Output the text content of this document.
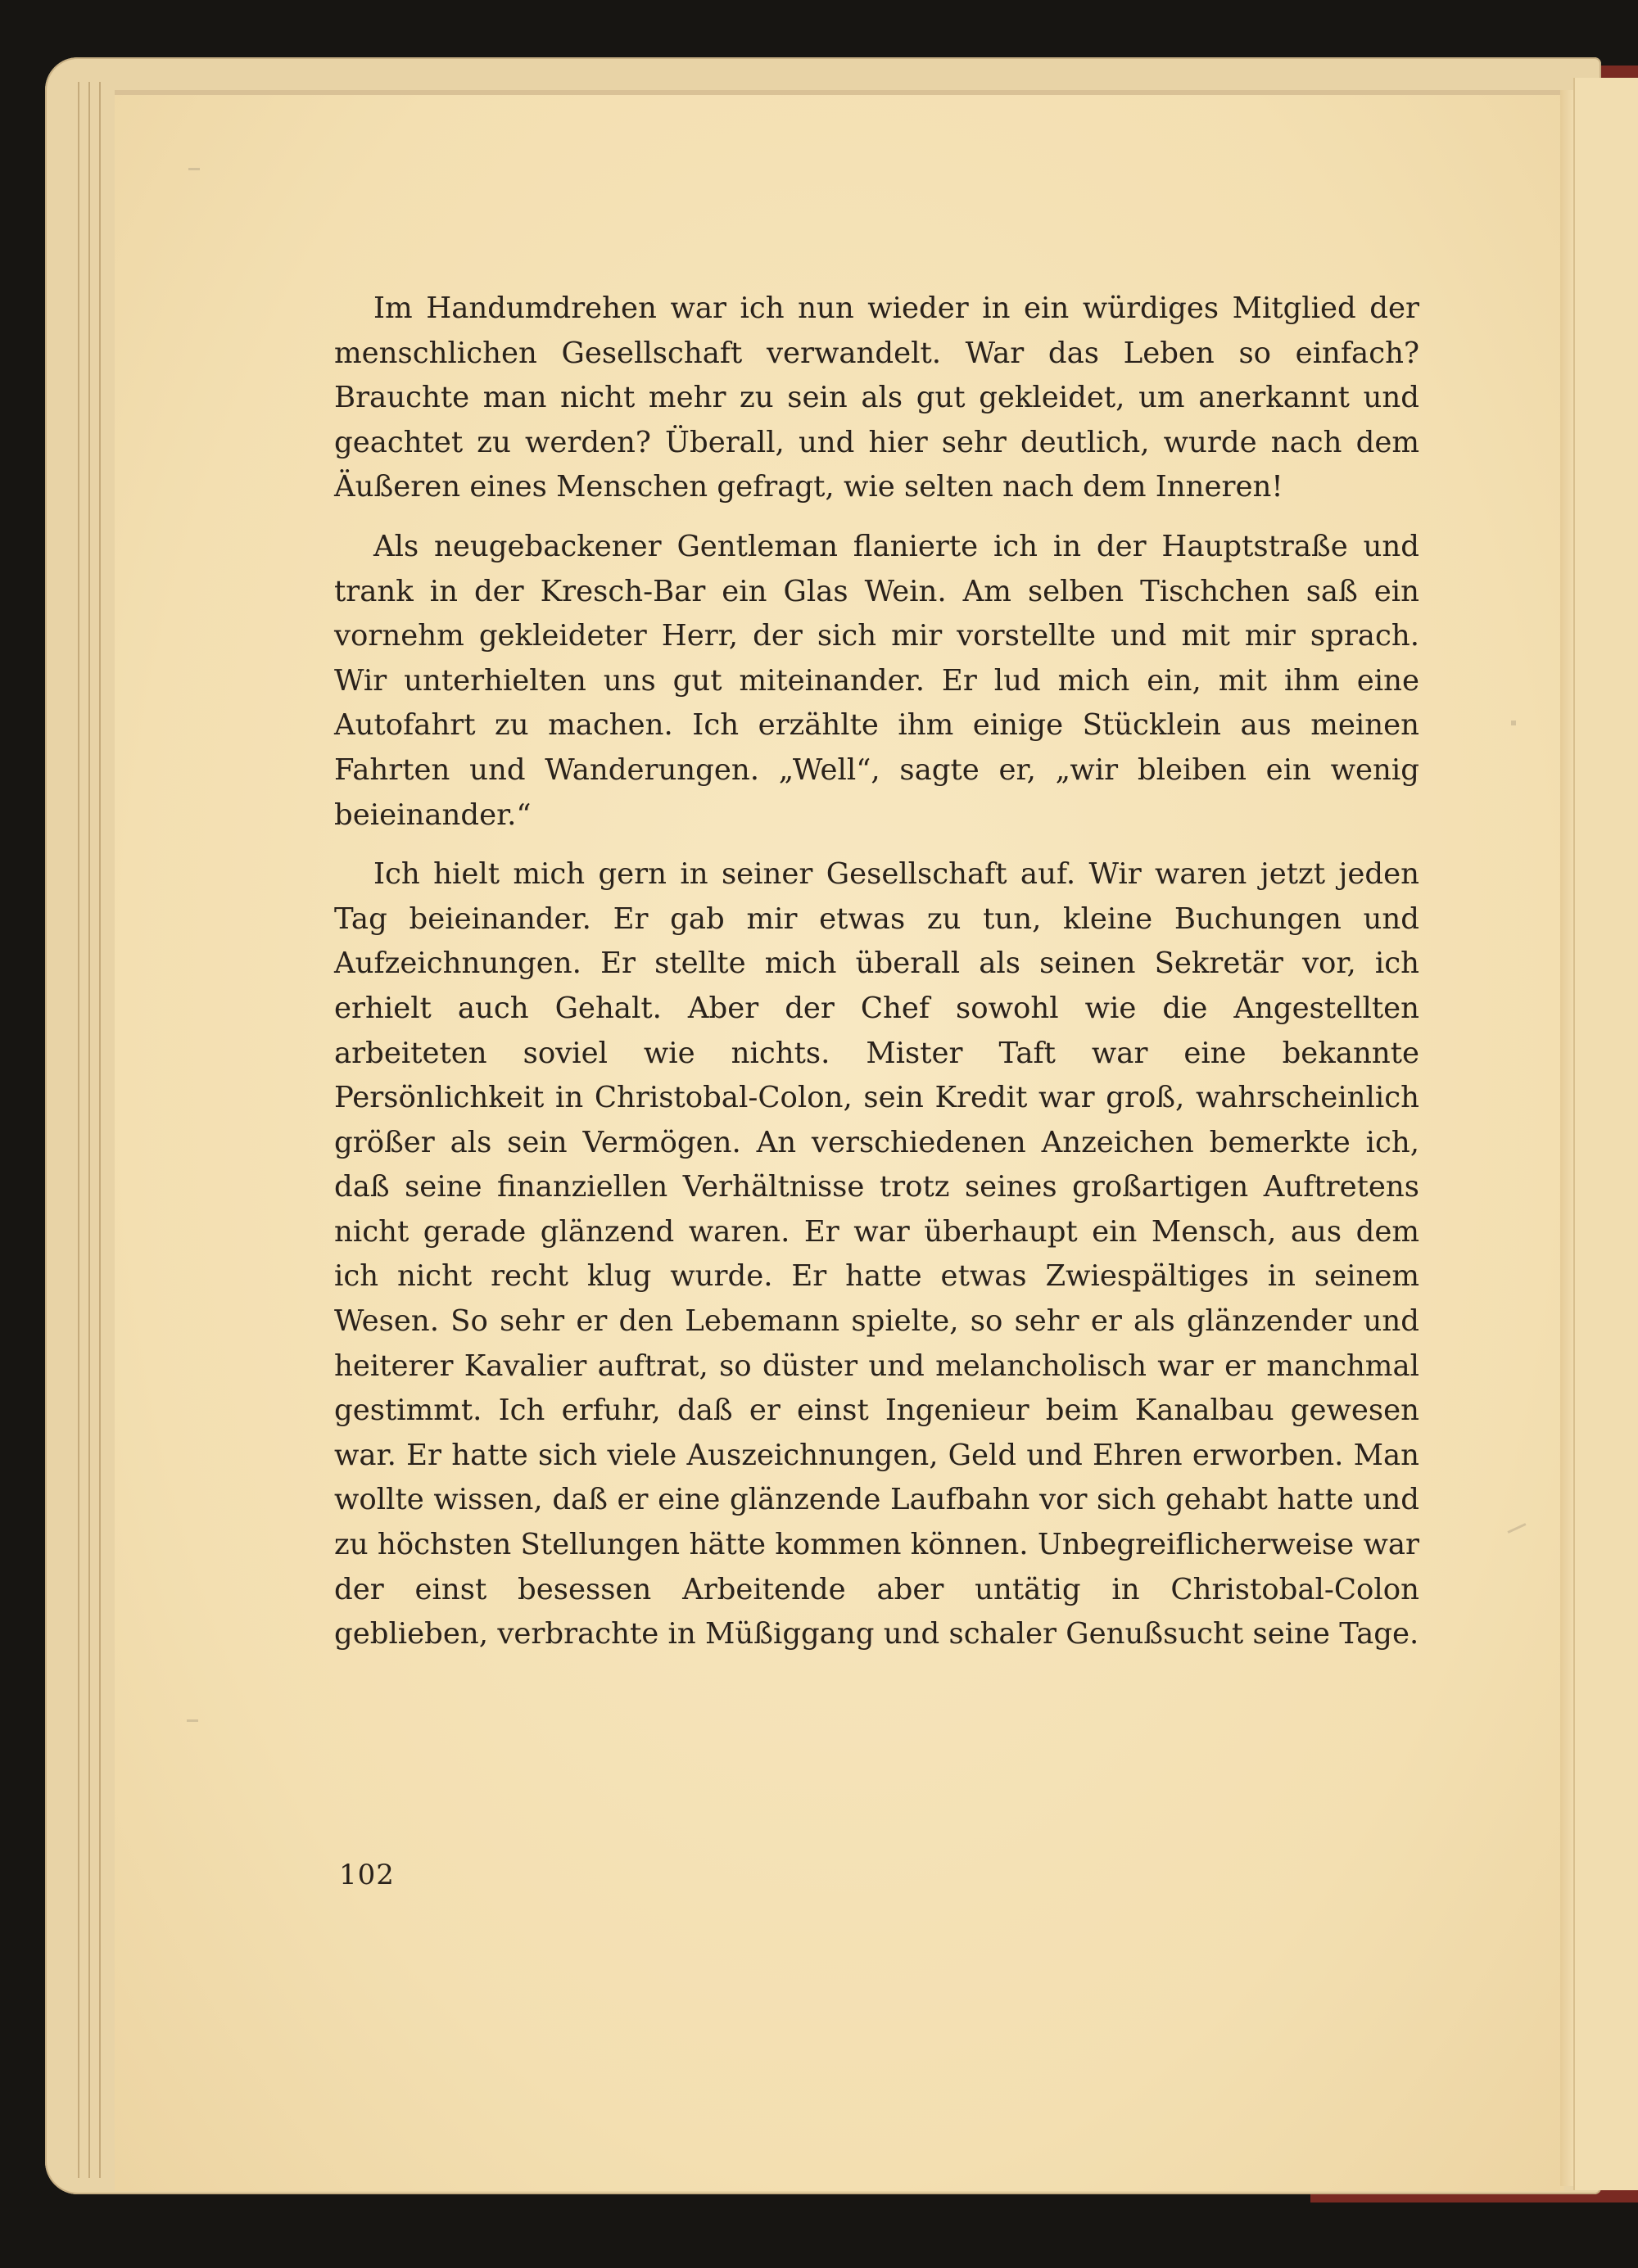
Im Handumdrehen war ich nun wieder in ein würdiges Mitglied der menschlichen Gesellschaft verwandelt. War das Leben so einfach? Brauchte man nicht mehr zu sein als gut gekleidet, um anerkannt und geachtet zu werden? Überall, und hier sehr deutlich, wurde nach dem Äußeren eines Menschen gefragt, wie selten nach dem Inneren!

Als neugebackener Gentleman flanierte ich in der Hauptstraße und trank in der Kresch-Bar ein Glas Wein. Am selben Tischchen saß ein vornehm gekleideter Herr, der sich mir vorstellte und mit mir sprach. Wir unterhielten uns gut miteinander. Er lud mich ein, mit ihm eine Autofahrt zu machen. Ich erzählte ihm einige Stücklein aus meinen Fahrten und Wanderungen. „Well“, sagte er, „wir bleiben ein wenig beieinander.“

Ich hielt mich gern in seiner Gesellschaft auf. Wir waren jetzt jeden Tag beieinander. Er gab mir etwas zu tun, kleine Buchungen und Aufzeichnungen. Er stellte mich überall als seinen Sekretär vor, ich erhielt auch Gehalt. Aber der Chef sowohl wie die Angestellten arbeiteten soviel wie nichts. Mister Taft war eine bekannte Persönlichkeit in Christobal-Colon, sein Kredit war groß, wahrscheinlich größer als sein Vermögen. An verschiedenen Anzeichen bemerkte ich, daß seine finanziellen Verhältnisse trotz seines großartigen Auftretens nicht gerade glänzend waren. Er war überhaupt ein Mensch, aus dem ich nicht recht klug wurde. Er hatte etwas Zwiespältiges in seinem Wesen. So sehr er den Lebemann spielte, so sehr er als glänzender und heiterer Kavalier auftrat, so düster und melancholisch war er manchmal gestimmt. Ich erfuhr, daß er einst Ingenieur beim Kanalbau gewesen war. Er hatte sich viele Auszeichnungen, Geld und Ehren erworben. Man wollte wissen, daß er eine glänzende Laufbahn vor sich gehabt hatte und zu höchsten Stellungen hätte kommen können. Unbegreiflicherweise war der einst besessen Arbeitende aber untätig in Christobal-Colon geblieben, verbrachte in Müßiggang und schaler Genußsucht seine Tage.

102
